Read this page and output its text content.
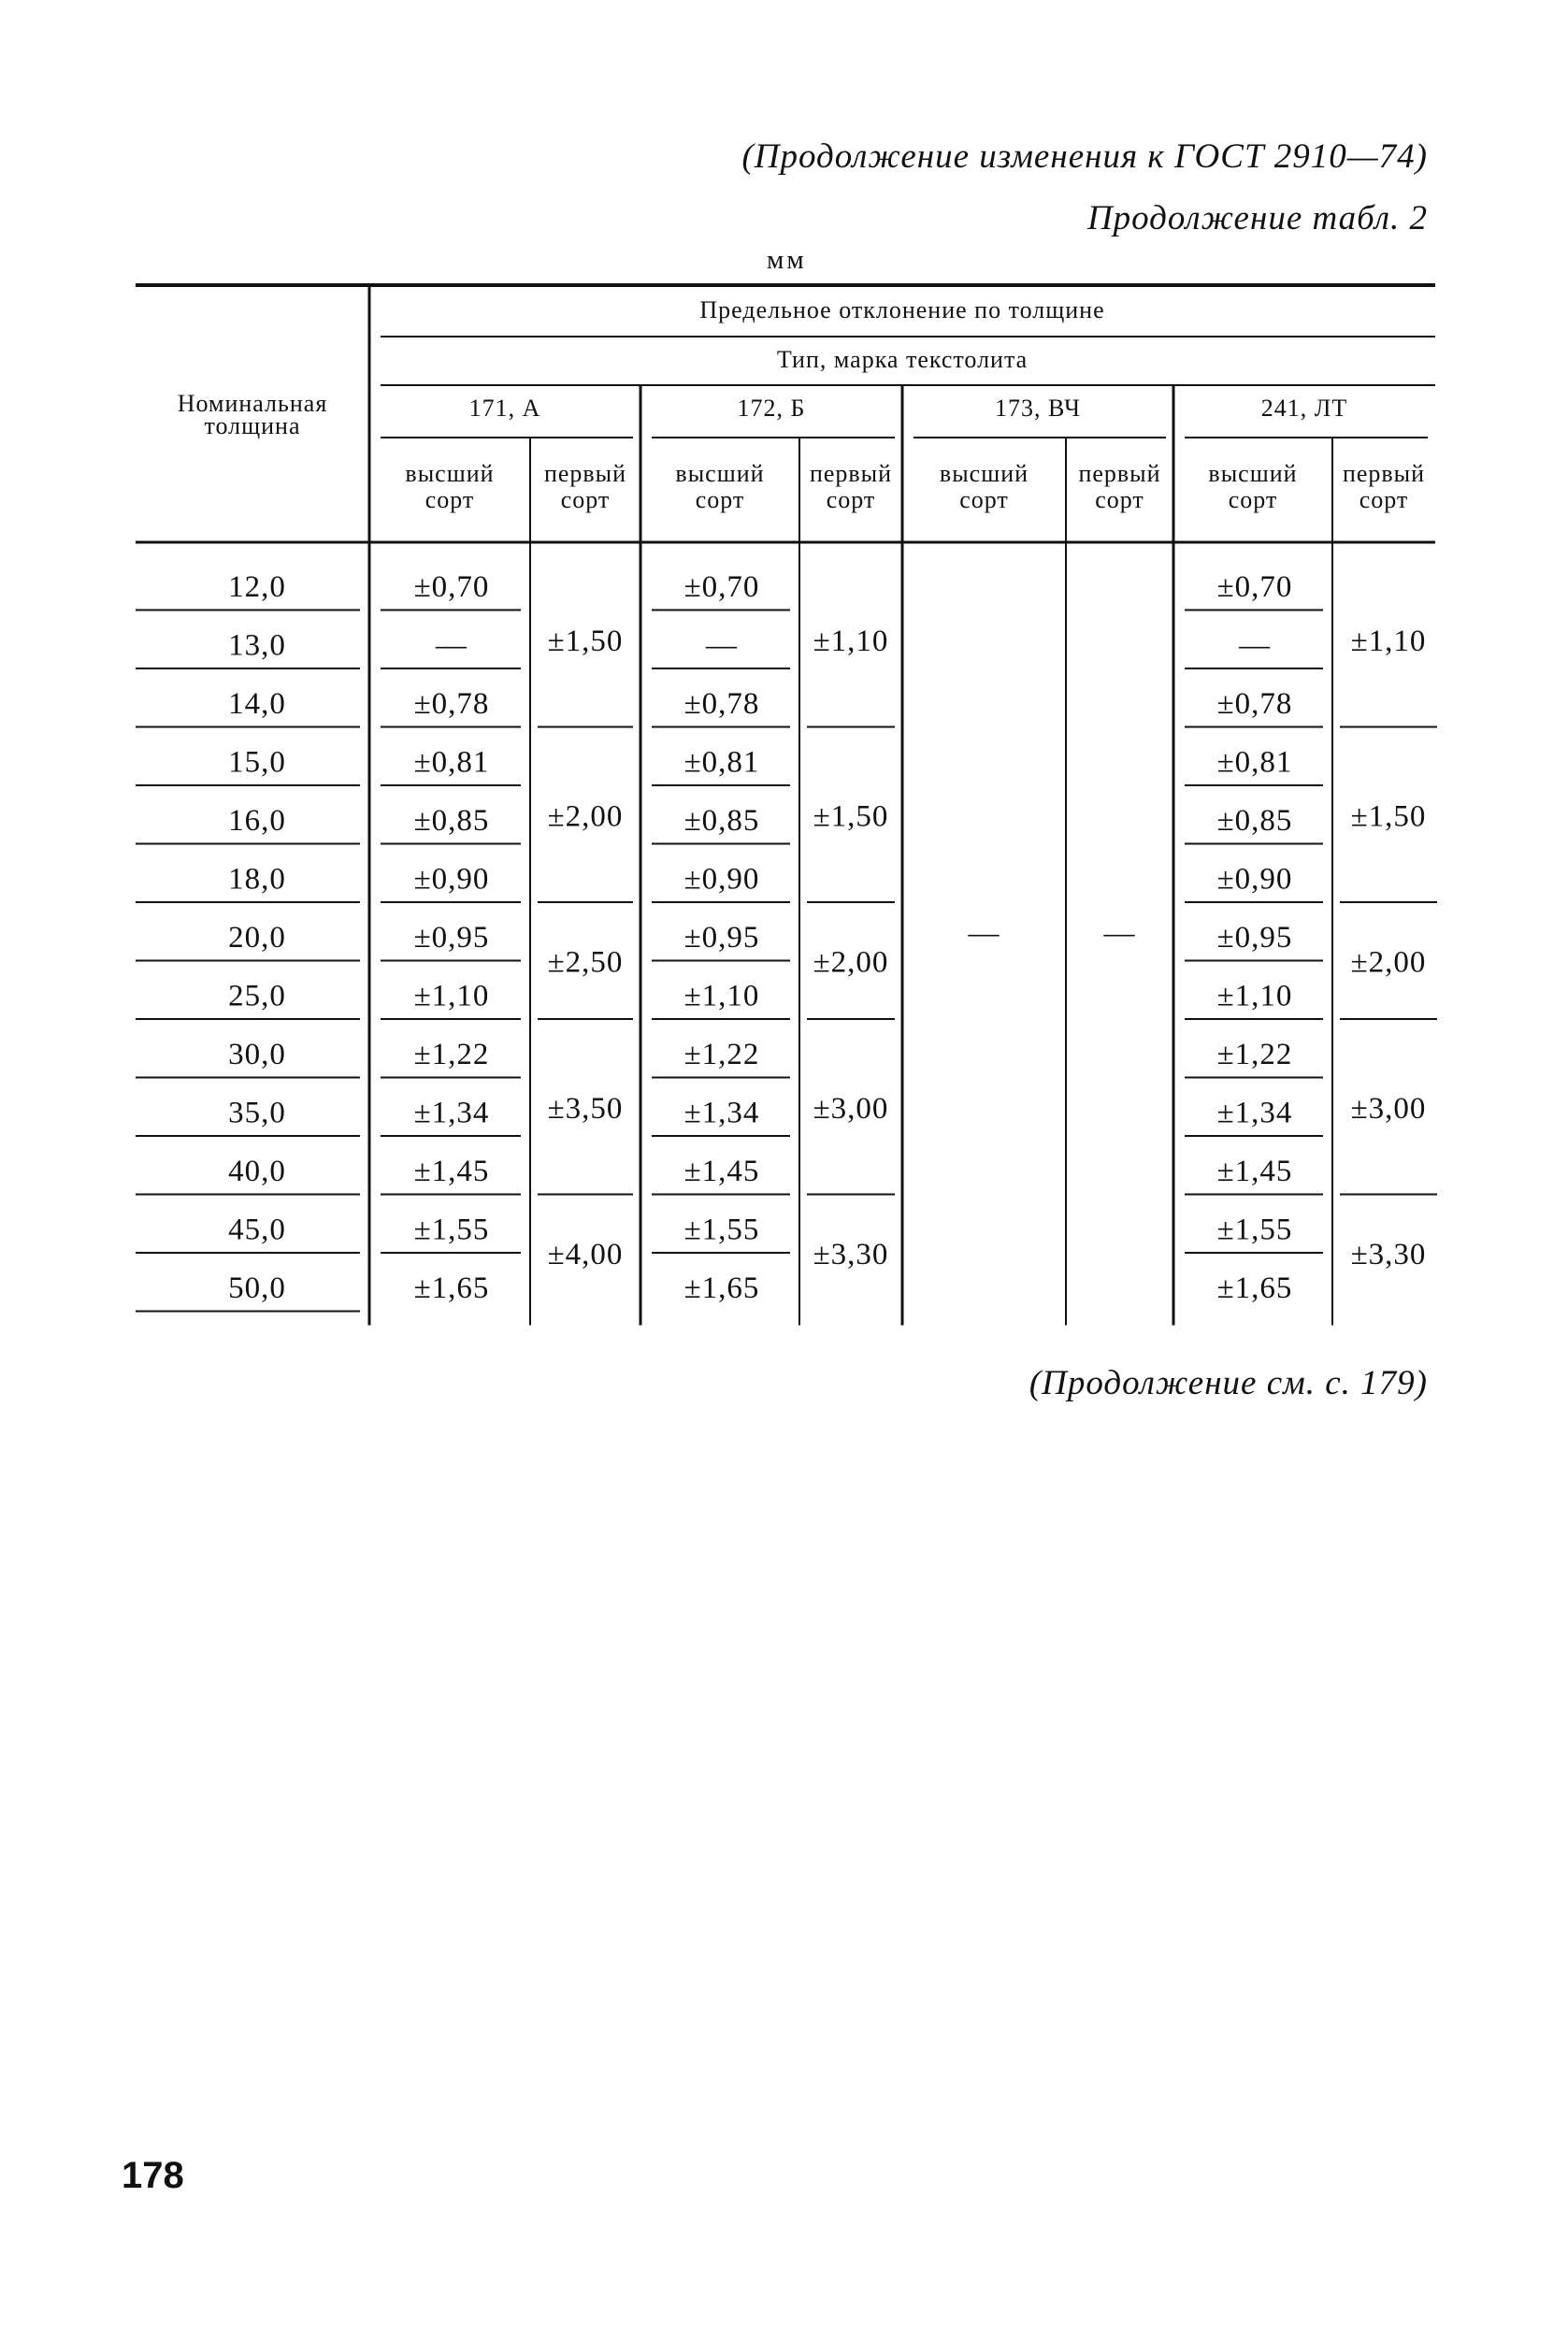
(Продолжение изменения к ГОСТ 2910—74)
Продолжение табл. 2
мм
Номинальная
толщина
Предельное отклонение по толщине
Тип, марка текстолита
171, А
высший
сорт
первый
сорт
172, Б
высший
сорт
первый
сорт
173, ВЧ
высший
сорт
первый
сорт
241, ЛТ
высший
сорт
первый
сорт
12,0
13,0
14,0
15,0
16,0
18,0
20,0
25,0
30,0
35,0
40,0
45,0
50,0
±0,70
—
±0,78
±0,81
±0,85
±0,90
±0,95
±1,10
±1,22
±1,34
±1,45
±1,55
±1,65
±0,70
—
±0,78
±0,81
±0,85
±0,90
±0,95
±1,10
±1,22
±1,34
±1,45
±1,55
±1,65
±0,70
—
±0,78
±0,81
±0,85
±0,90
±0,95
±1,10
±1,22
±1,34
±1,45
±1,55
±1,65
±1,50
±2,00
±2,50
±3,50
±4,00
±1,10
±1,50
±2,00
±3,00
±3,30
±1,10
±1,50
±2,00
±3,00
±3,30
—	—
(Продолжение см. с. 179)
178
